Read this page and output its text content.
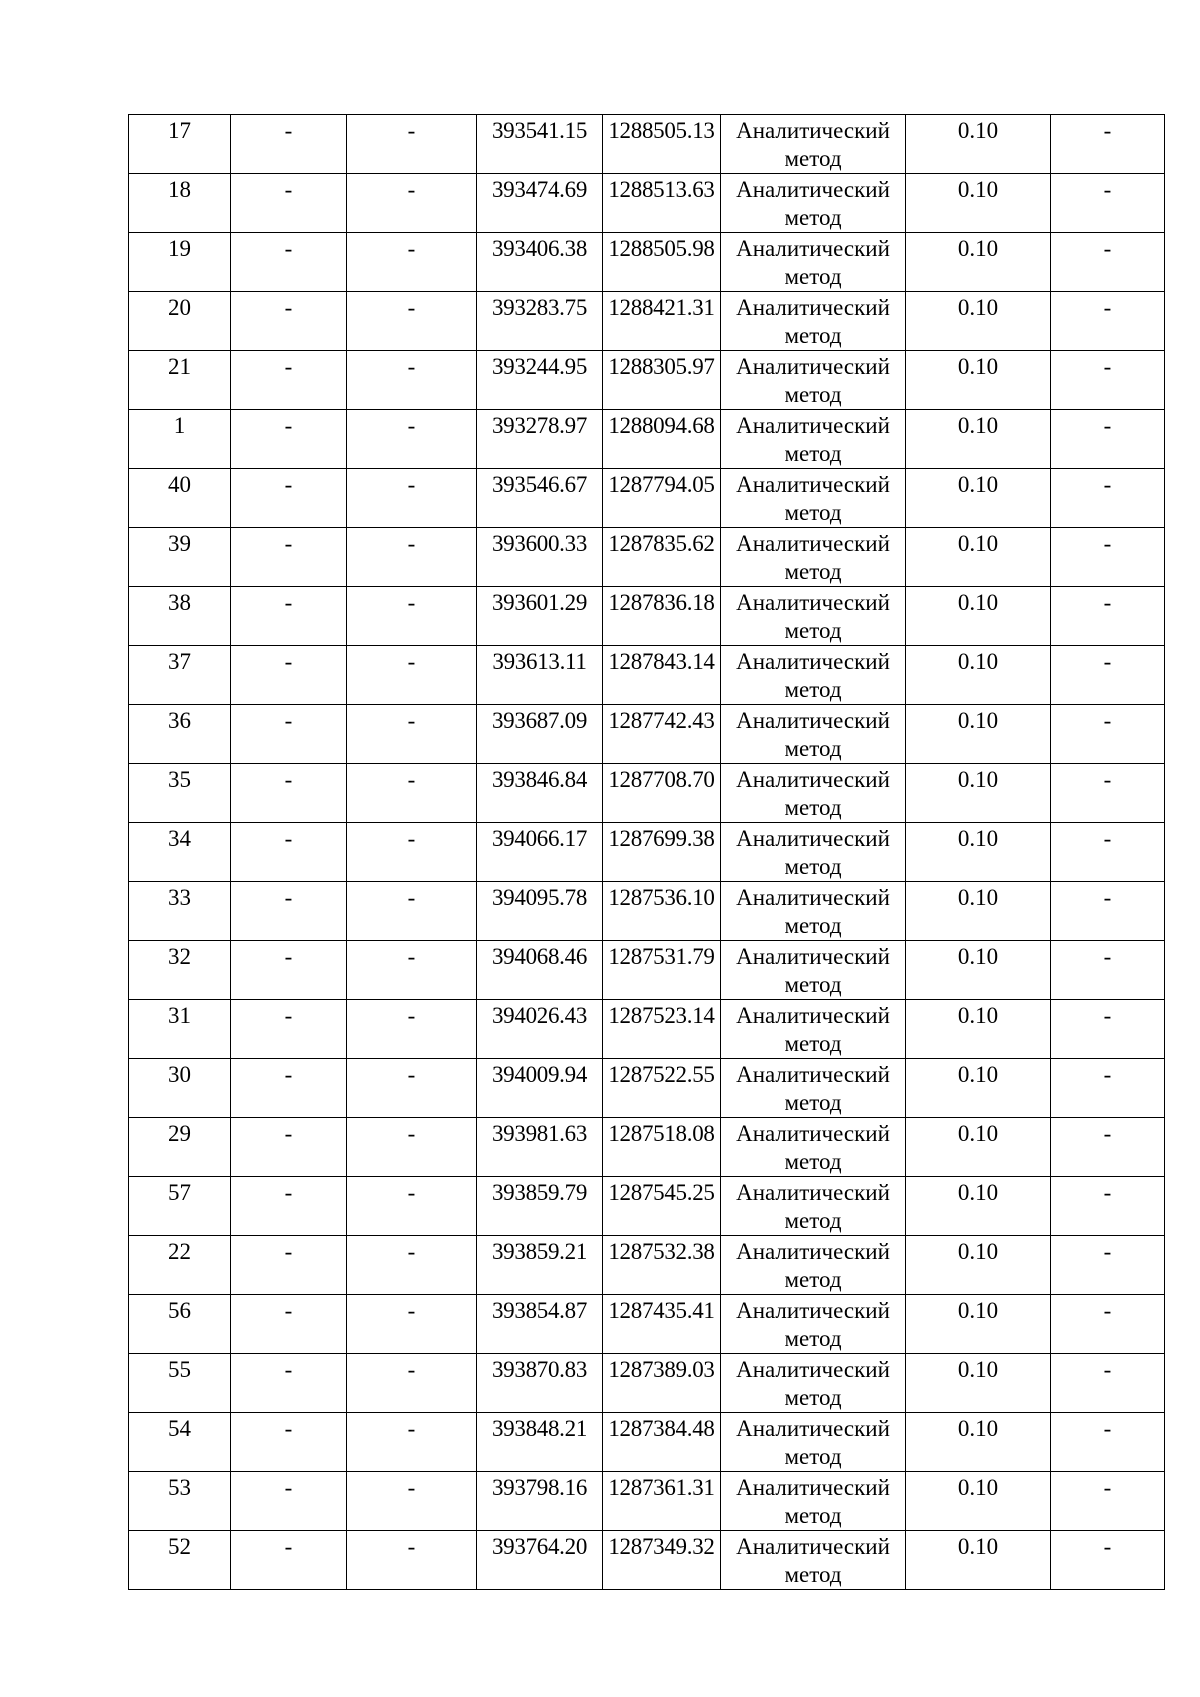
17	-	-	393541.15	1288505.13	Аналитический метод	0.10	-
18	-	-	393474.69	1288513.63	Аналитический метод	0.10	-
19	-	-	393406.38	1288505.98	Аналитический метод	0.10	-
20	-	-	393283.75	1288421.31	Аналитический метод	0.10	-
21	-	-	393244.95	1288305.97	Аналитический метод	0.10	-
1	-	-	393278.97	1288094.68	Аналитический метод	0.10	-
40	-	-	393546.67	1287794.05	Аналитический метод	0.10	-
39	-	-	393600.33	1287835.62	Аналитический метод	0.10	-
38	-	-	393601.29	1287836.18	Аналитический метод	0.10	-
37	-	-	393613.11	1287843.14	Аналитический метод	0.10	-
36	-	-	393687.09	1287742.43	Аналитический метод	0.10	-
35	-	-	393846.84	1287708.70	Аналитический метод	0.10	-
34	-	-	394066.17	1287699.38	Аналитический метод	0.10	-
33	-	-	394095.78	1287536.10	Аналитический метод	0.10	-
32	-	-	394068.46	1287531.79	Аналитический метод	0.10	-
31	-	-	394026.43	1287523.14	Аналитический метод	0.10	-
30	-	-	394009.94	1287522.55	Аналитический метод	0.10	-
29	-	-	393981.63	1287518.08	Аналитический метод	0.10	-
57	-	-	393859.79	1287545.25	Аналитический метод	0.10	-
22	-	-	393859.21	1287532.38	Аналитический метод	0.10	-
56	-	-	393854.87	1287435.41	Аналитический метод	0.10	-
55	-	-	393870.83	1287389.03	Аналитический метод	0.10	-
54	-	-	393848.21	1287384.48	Аналитический метод	0.10	-
53	-	-	393798.16	1287361.31	Аналитический метод	0.10	-
52	-	-	393764.20	1287349.32	Аналитический метод	0.10	-
